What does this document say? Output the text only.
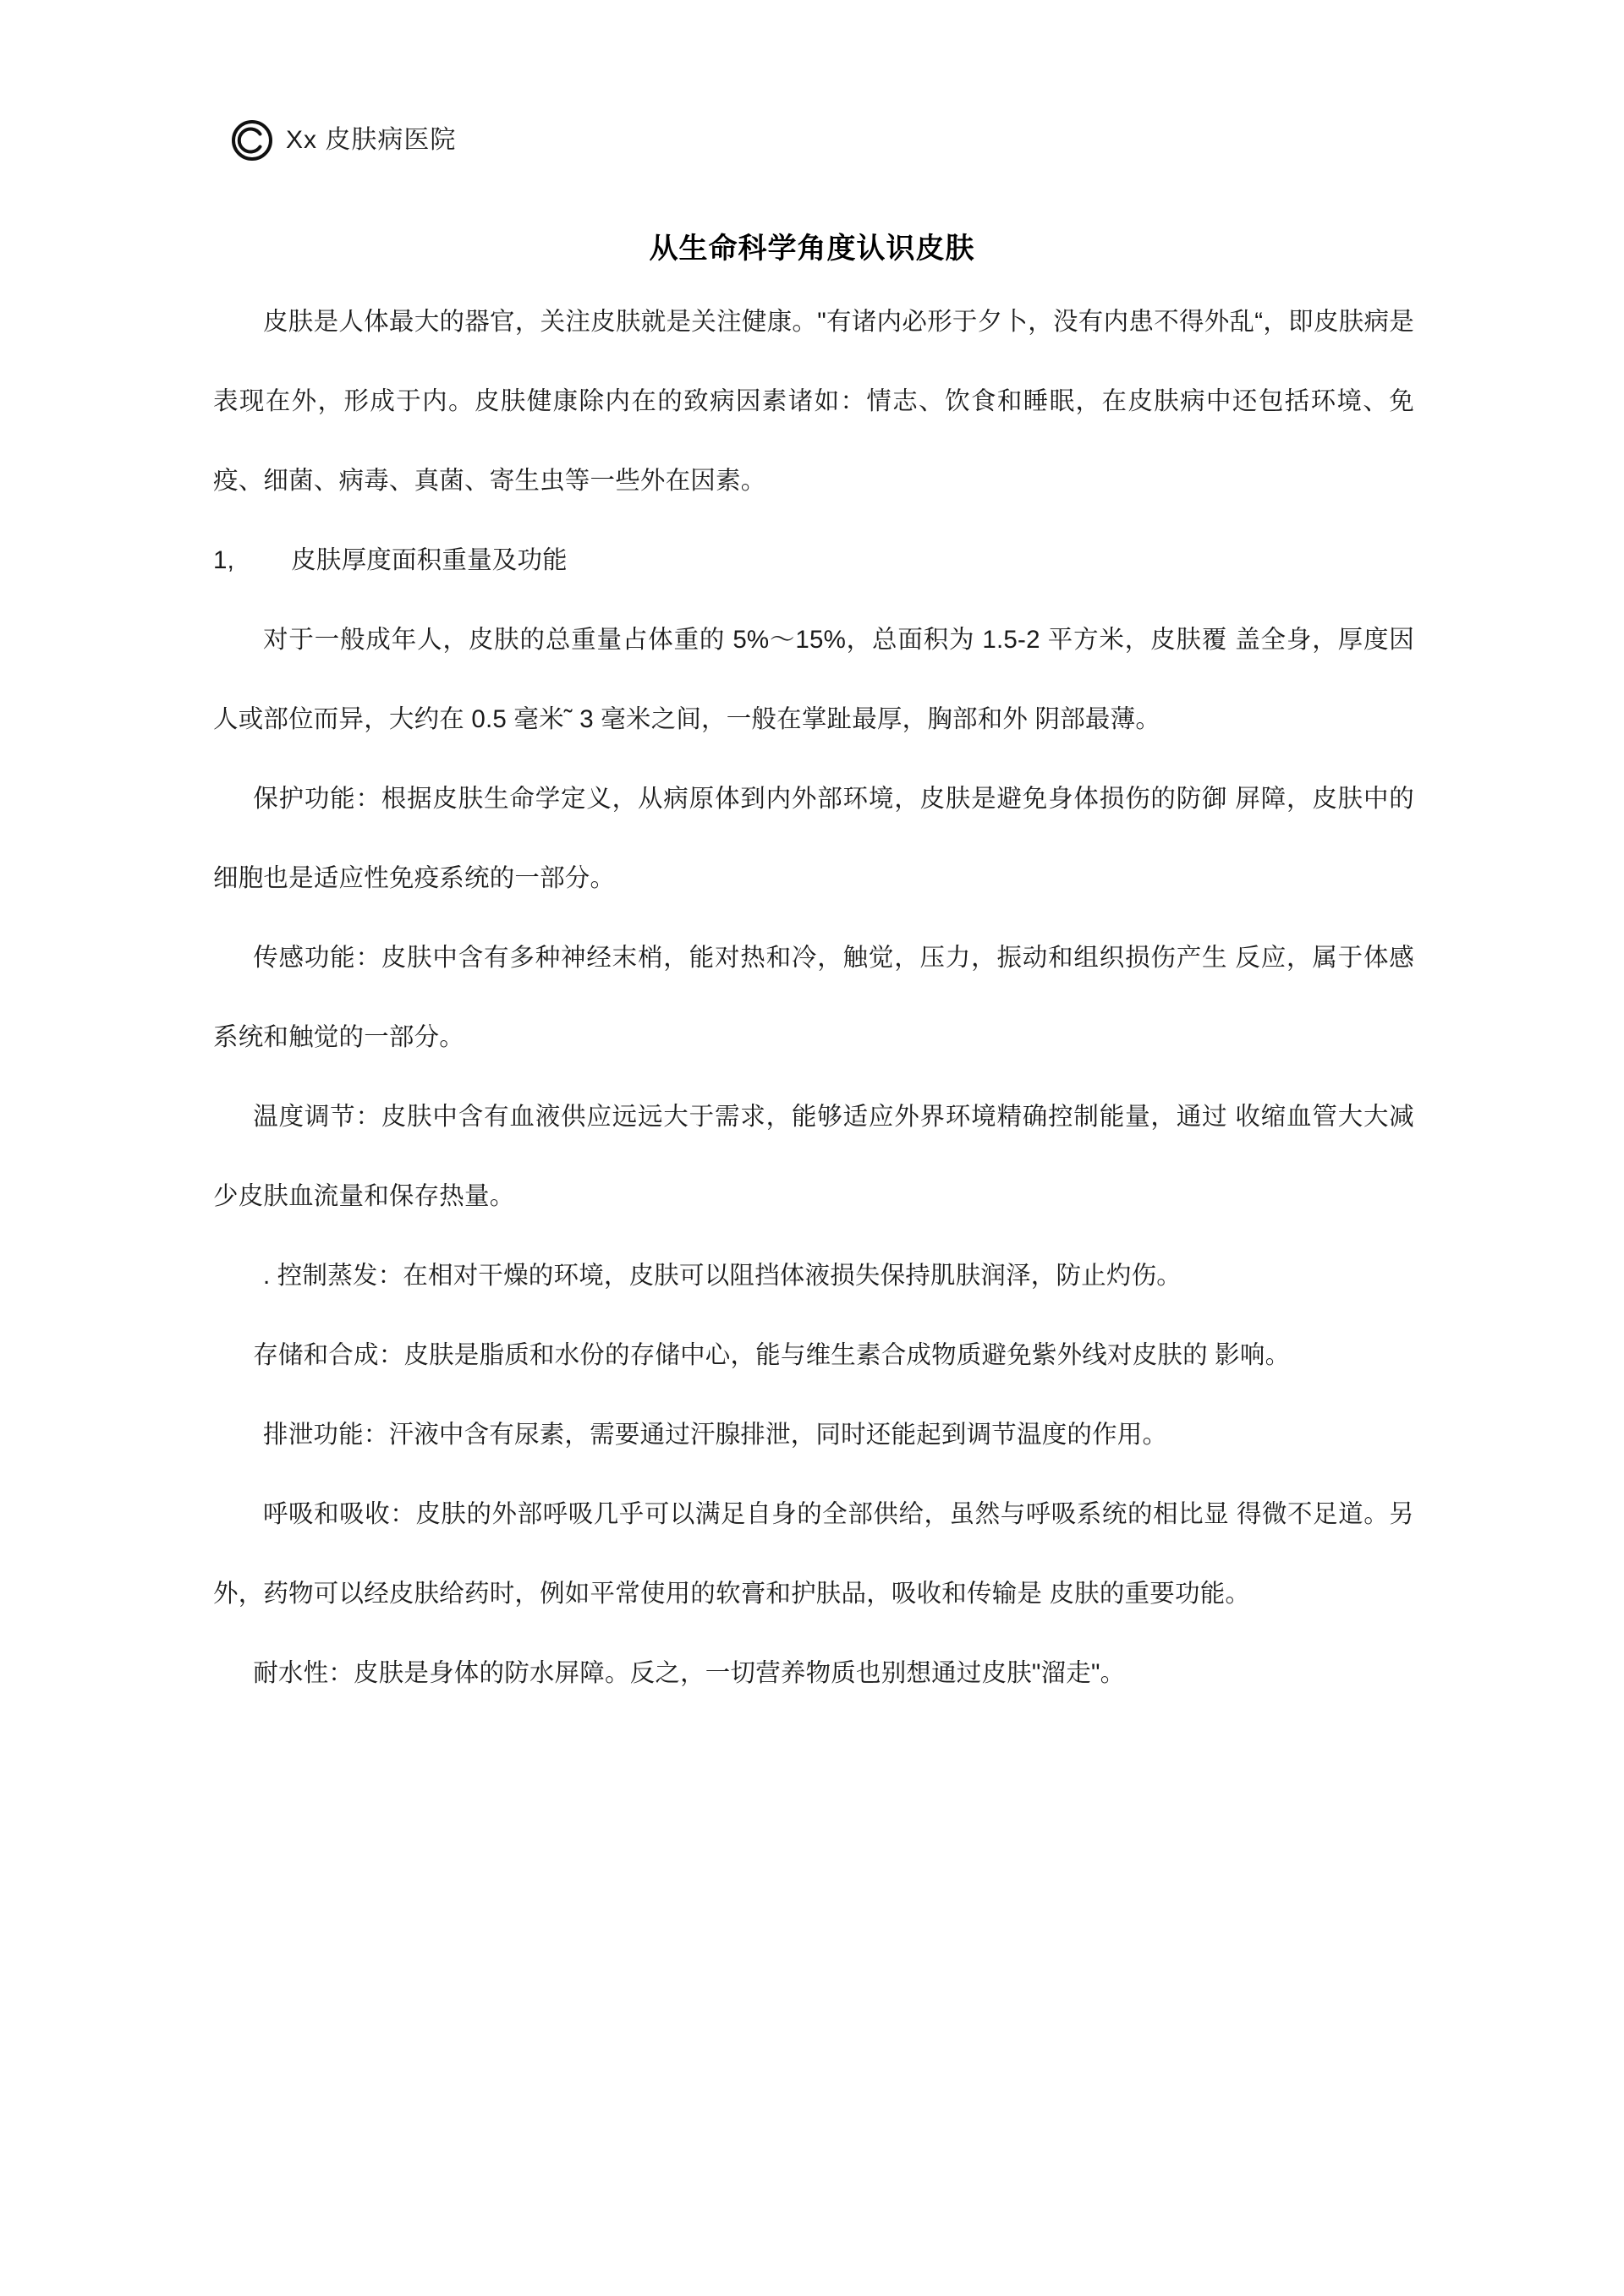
Xx 皮肤病医院
从生命科学角度认识皮肤

皮肤是人体最大的器官，关注皮肤就是关注健康。"有诸内必形于夕卜，没有内患不得外乱“，即皮肤病是表现在外，形成于内。皮肤健康除内在的致病因素诸如：情志、饮食和睡眠，在皮肤病中还包括环境、免疫、细菌、病毒、真菌、寄生虫等一些外在因素。

1,        皮肤厚度面积重量及功能

对于一般成年人，皮肤的总重量占体重的 5%～15%，总面积为 1.5-2 平方米，皮肤覆 盖全身，厚度因人或部位而异，大约在 0.5 毫米˜ 3 毫米之间，一般在掌趾最厚，胸部和外 阴部最薄。

保护功能：根据皮肤生命学定义，从病原体到内外部环境，皮肤是避免身体损伤的防御 屏障，皮肤中的细胞也是适应性免疫系统的一部分。

传感功能：皮肤中含有多种神经末梢，能对热和冷，触觉，压力，振动和组织损伤产生 反应，属于体感系统和触觉的一部分。

温度调节：皮肤中含有血液供应远远大于需求，能够适应外界环境精确控制能量，通过 收缩血管大大减少皮肤血流量和保存热量。

. 控制蒸发：在相对干燥的环境，皮肤可以阻挡体液损失保持肌肤润泽，防止灼伤。

存储和合成：皮肤是脂质和水份的存储中心，能与维生素合成物质避免紫外线对皮肤的 影响。

排泄功能：汗液中含有尿素，需要通过汗腺排泄，同时还能起到调节温度的作用。

呼吸和吸收：皮肤的外部呼吸几乎可以满足自身的全部供给，虽然与呼吸系统的相比显 得微不足道。另外，药物可以经皮肤给药时，例如平常使用的软膏和护肤品，吸收和传输是 皮肤的重要功能。

耐水性：皮肤是身体的防水屏障。反之，一切营养物质也别想通过皮肤"溜走"。
